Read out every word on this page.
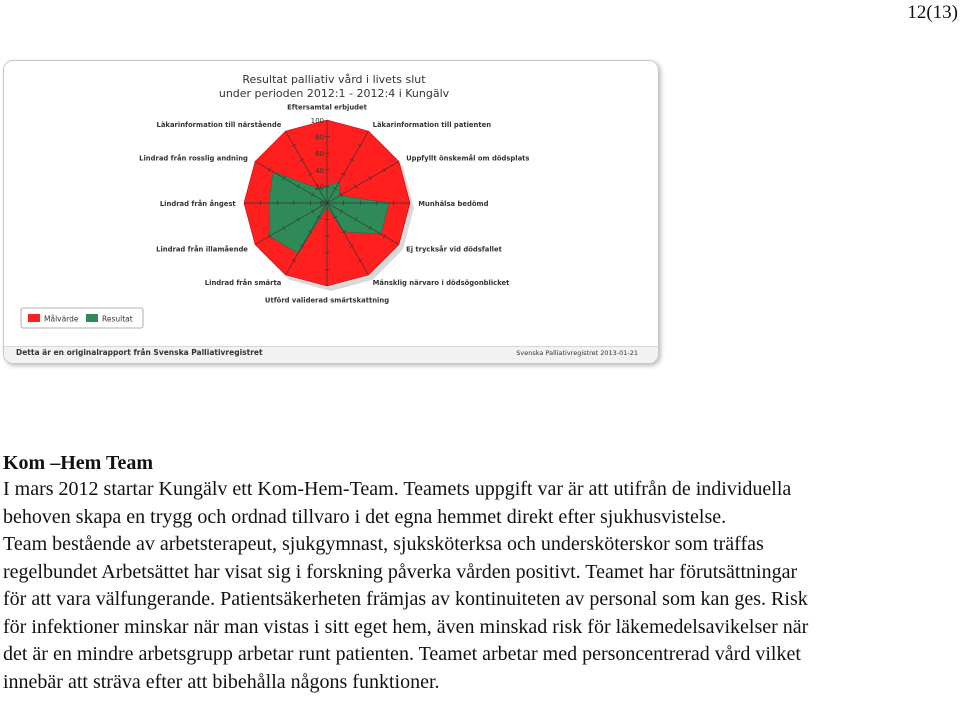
12(13)
Resultat palliativ vård i livets slut
under perioden 2012:1 - 2012:4 i Kungälv
100
80
60
40
20
0
Eftersamtal erbjudet
Läkarinformation till patienten
Uppfyllt önskemål om dödsplats
Munhälsa bedömd
Ej trycksår vid dödsfallet
Mänsklig närvaro i dödsögonblicket
Utförd validerad smärtskattning
Lindrad från smärta
Lindrad från illamående
Lindrad från ångest
Lindrad från rosslig andning
Läkarinformation till närstående
Målvärde	Resultat
Detta är en originalrapport från Svenska Palliativregistret	Svenska Palliativregistret 2013-01-21

Kom –Hem Team

I mars 2012 startar Kungälv ett Kom-Hem-Team. Teamets uppgift var är att utifrån de individuella

behoven skapa en trygg och ordnad tillvaro i det egna hemmet direkt efter sjukhusvistelse.

Team bestående av arbetsterapeut, sjukgymnast, sjuksköterksa och undersköterskor som träffas

regelbundet Arbetsättet har visat sig i forskning påverka vården positivt. Teamet har förutsättningar

för att vara välfungerande. Patientsäkerheten främjas av kontinuiteten av personal som kan ges. Risk

för infektioner minskar när man vistas i sitt eget hem, även minskad risk för läkemedelsavikelser när

det är en mindre arbetsgrupp arbetar runt patienten. Teamet arbetar med personcentrerad vård vilket

innebär att sträva efter att bibehålla någons funktioner.
